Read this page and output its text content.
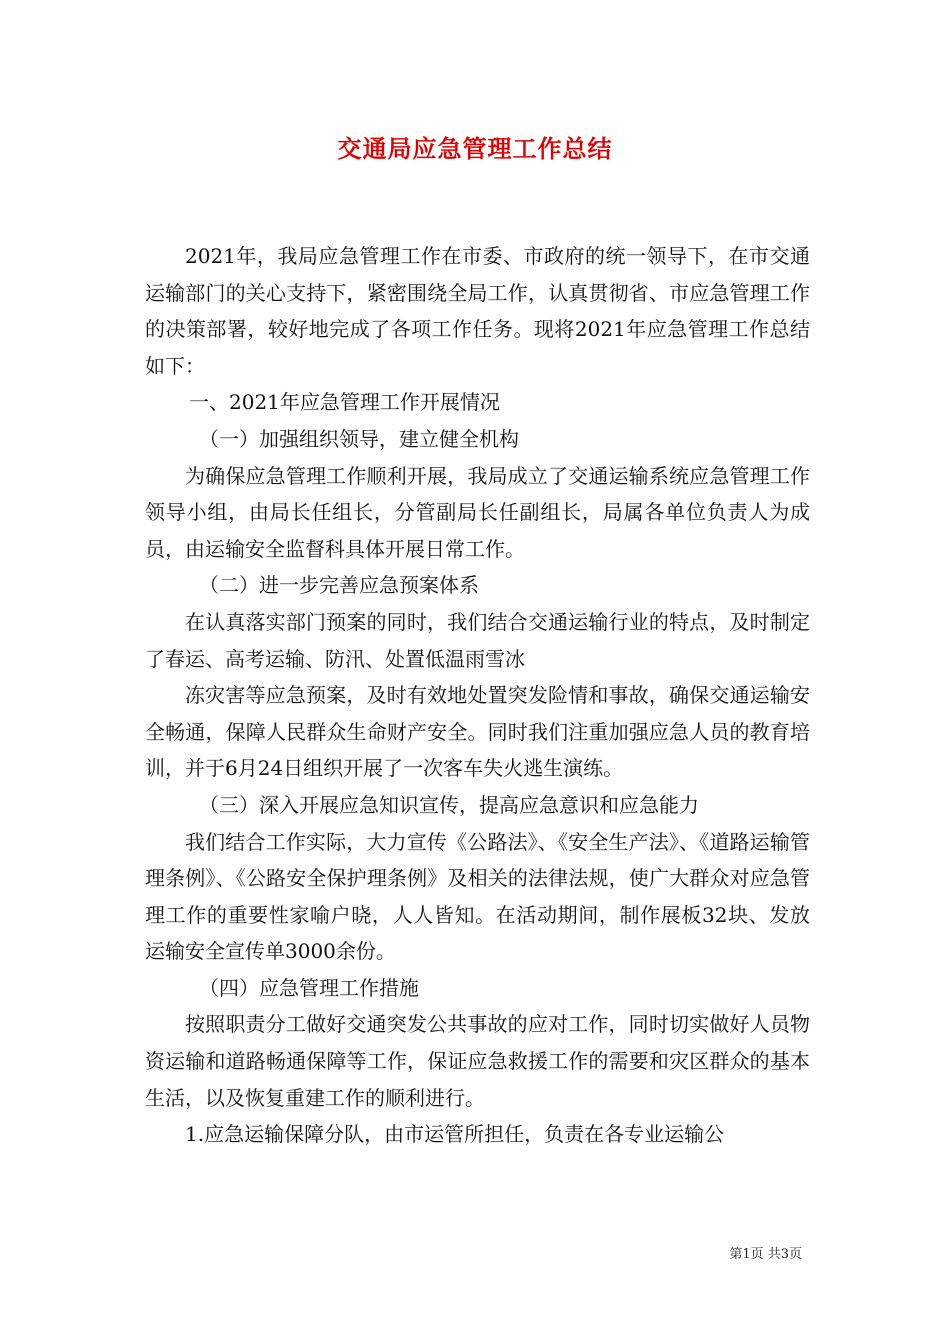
交通局应急管理工作总结

2021年，我局应急管理工作在市委、市政府的统一领导下，在市交通运输部门的关心支持下，紧密围绕全局工作，认真贯彻省、市应急管理工作的决策部署，较好地完成了各项工作任务。现将2021年应急管理工作总结如下：

一、2021年应急管理工作开展情况

（一）加强组织领导，建立健全机构

为确保应急管理工作顺利开展，我局成立了交通运输系统应急管理工作领导小组，由局长任组长，分管副局长任副组长，局属各单位负责人为成员，由运输安全监督科具体开展日常工作。

（二）进一步完善应急预案体系

在认真落实部门预案的同时，我们结合交通运输行业的特点，及时制定了春运、高考运输、防汛、处置低温雨雪冰

冻灾害等应急预案，及时有效地处置突发险情和事故，确保交通运输安全畅通，保障人民群众生命财产安全。同时我们注重加强应急人员的教育培训，并于6月24日组织开展了一次客车失火逃生演练。

（三）深入开展应急知识宣传，提高应急意识和应急能力

我们结合工作实际，大力宣传《公路法》、《安全生产法》、《道路运输管理条例》、《公路安全保护理条例》及相关的法律法规，使广大群众对应急管理工作的重要性家喻户晓，人人皆知。在活动期间，制作展板32块、发放运输安全宣传单3000余份。

（四）应急管理工作措施

按照职责分工做好交通突发公共事故的应对工作，同时切实做好人员物资运输和道路畅通保障等工作，保证应急救援工作的需要和灾区群众的基本生活，以及恢复重建工作的顺利进行。

1.应急运输保障分队，由市运管所担任，负责在各专业运输公

第1页 共3页
